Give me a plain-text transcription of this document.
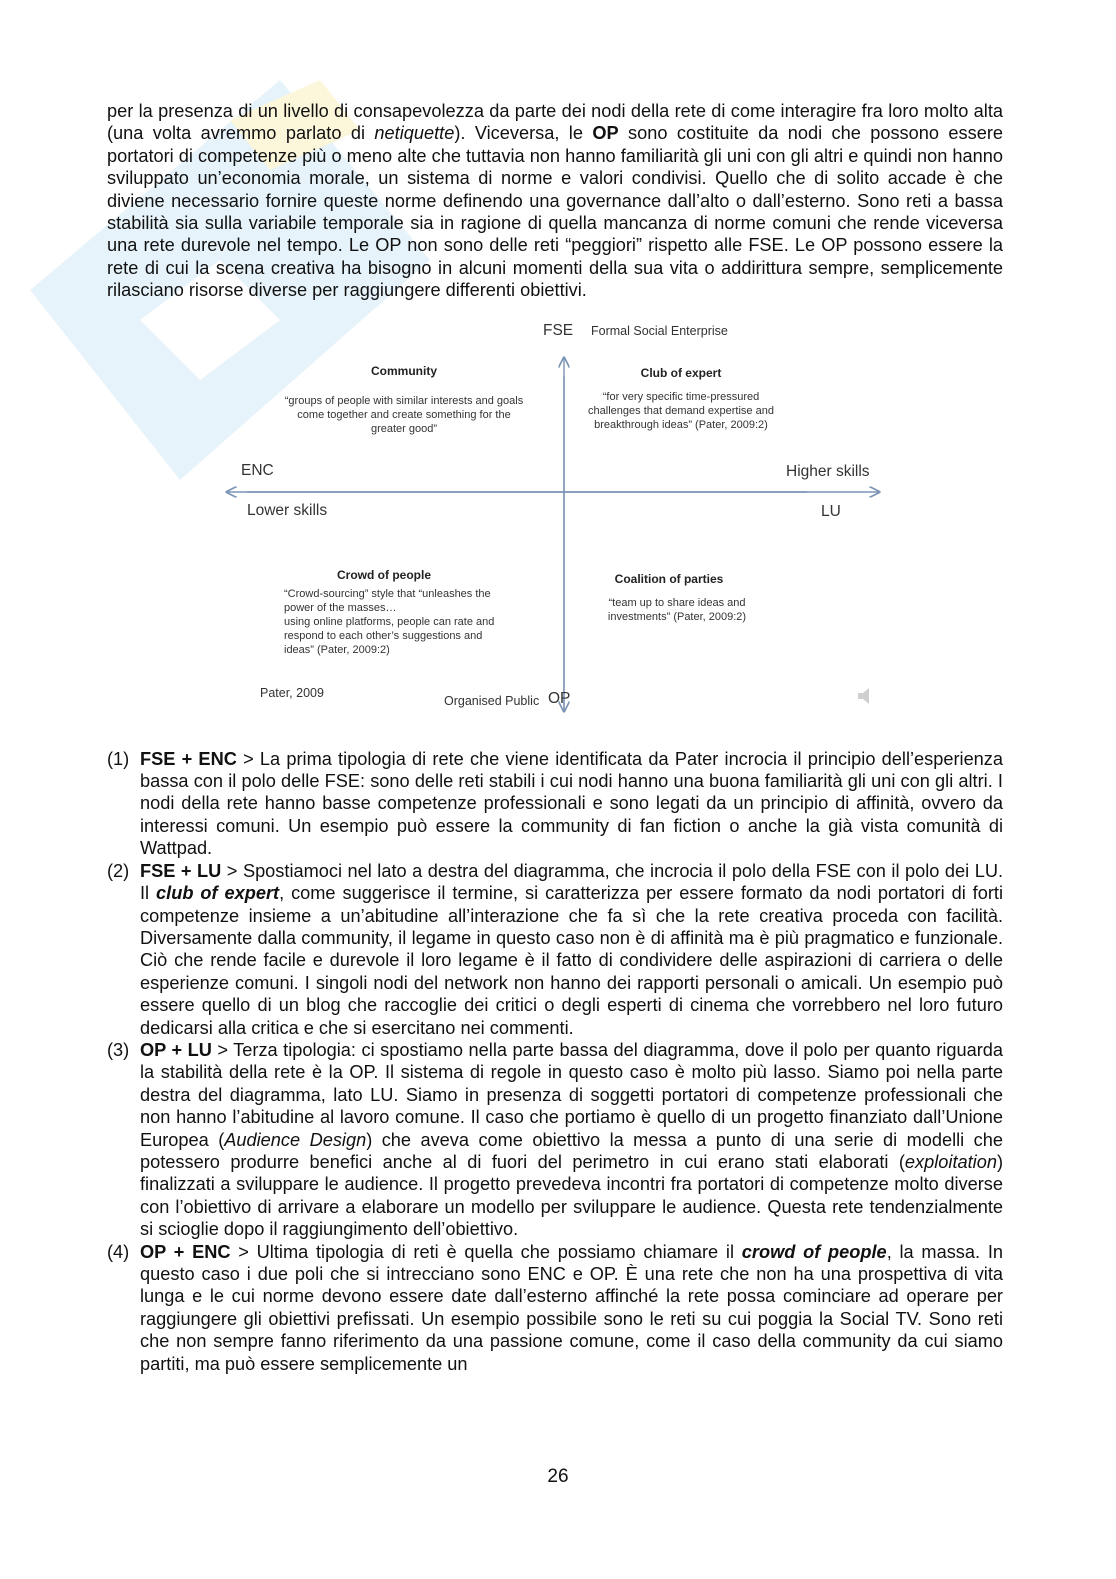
per la presenza di un livello di consapevolezza da parte dei nodi della rete di come interagire fra loro molto alta (una volta avremmo parlato di netiquette). Viceversa, le OP sono costituite da nodi che possono essere portatori di competenze più o meno alte che tuttavia non hanno familiarità gli uni con gli altri e quindi non hanno sviluppato un’economia morale, un sistema di norme e valori condivisi. Quello che di solito accade è che diviene necessario fornire queste norme definendo una governance dall’alto o dall’esterno. Sono reti a bassa stabilità sia sulla variabile temporale sia in ragione di quella mancanza di norme comuni che rende viceversa una rete durevole nel tempo. Le OP non sono delle reti “peggiori” rispetto alle FSE. Le OP possono essere la rete di cui la scena creativa ha bisogno in alcuni momenti della sua vita o addirittura sempre, semplicemente rilasciano risorse diverse per raggiungere differenti obiettivi.

FSE Formal Social Enterprise
ENC
Lower skills
Higher skills
LU
Pater, 2009
Organised Public OP
Community
“groups of people with similar interests and goals come together and create something for the greater good”
Club of expert
“for very specific time-pressured challenges that demand expertise and breakthrough ideas” (Pater, 2009:2)
Crowd of people
“Crowd-sourcing” style that “unleashes the power of the masses…
using online platforms, people can rate and respond to each other’s suggestions and ideas” (Pater, 2009:2)
Coalition of parties
“team up to share ideas and investments” (Pater, 2009:2)
(1) FSE + ENC > La prima tipologia di rete che viene identificata da Pater incrocia il principio dell’esperienza bassa con il polo delle FSE: sono delle reti stabili i cui nodi hanno una buona familiarità gli uni con gli altri. I nodi della rete hanno basse competenze professionali e sono legati da un principio di affinità, ovvero da interessi comuni. Un esempio può essere la community di fan fiction o anche la già vista comunità di Wattpad.
(2) FSE + LU > Spostiamoci nel lato a destra del diagramma, che incrocia il polo della FSE con il polo dei LU. Il club of expert, come suggerisce il termine, si caratterizza per essere formato da nodi portatori di forti competenze insieme a un’abitudine all’interazione che fa sì che la rete creativa proceda con facilità. Diversamente dalla community, il legame in questo caso non è di affinità ma è più pragmatico e funzionale. Ciò che rende facile e durevole il loro legame è il fatto di condividere delle aspirazioni di carriera o delle esperienze comuni. I singoli nodi del network non hanno dei rapporti personali o amicali. Un esempio può essere quello di un blog che raccoglie dei critici o degli esperti di cinema che vorrebbero nel loro futuro dedicarsi alla critica e che si esercitano nei commenti.
(3) OP + LU > Terza tipologia: ci spostiamo nella parte bassa del diagramma, dove il polo per quanto riguarda la stabilità della rete è la OP. Il sistema di regole in questo caso è molto più lasso. Siamo poi nella parte destra del diagramma, lato LU. Siamo in presenza di soggetti portatori di competenze professionali che non hanno l’abitudine al lavoro comune. Il caso che portiamo è quello di un progetto finanziato dall’Unione Europea (Audience Design) che aveva come obiettivo la messa a punto di una serie di modelli che potessero produrre benefici anche al di fuori del perimetro in cui erano stati elaborati (exploitation) finalizzati a sviluppare le audience. Il progetto prevedeva incontri fra portatori di competenze molto diverse con l’obiettivo di arrivare a elaborare un modello per sviluppare le audience. Questa rete tendenzialmente si scioglie dopo il raggiungimento dell’obiettivo.
(4) OP + ENC > Ultima tipologia di reti è quella che possiamo chiamare il crowd of people, la massa. In questo caso i due poli che si intrecciano sono ENC e OP. È una rete che non ha una prospettiva di vita lunga e le cui norme devono essere date dall’esterno affinché la rete possa cominciare ad operare per raggiungere gli obiettivi prefissati. Un esempio possibile sono le reti su cui poggia la Social TV. Sono reti che non sempre fanno riferimento da una passione comune, come il caso della community da cui siamo partiti, ma può essere semplicemente un
26
